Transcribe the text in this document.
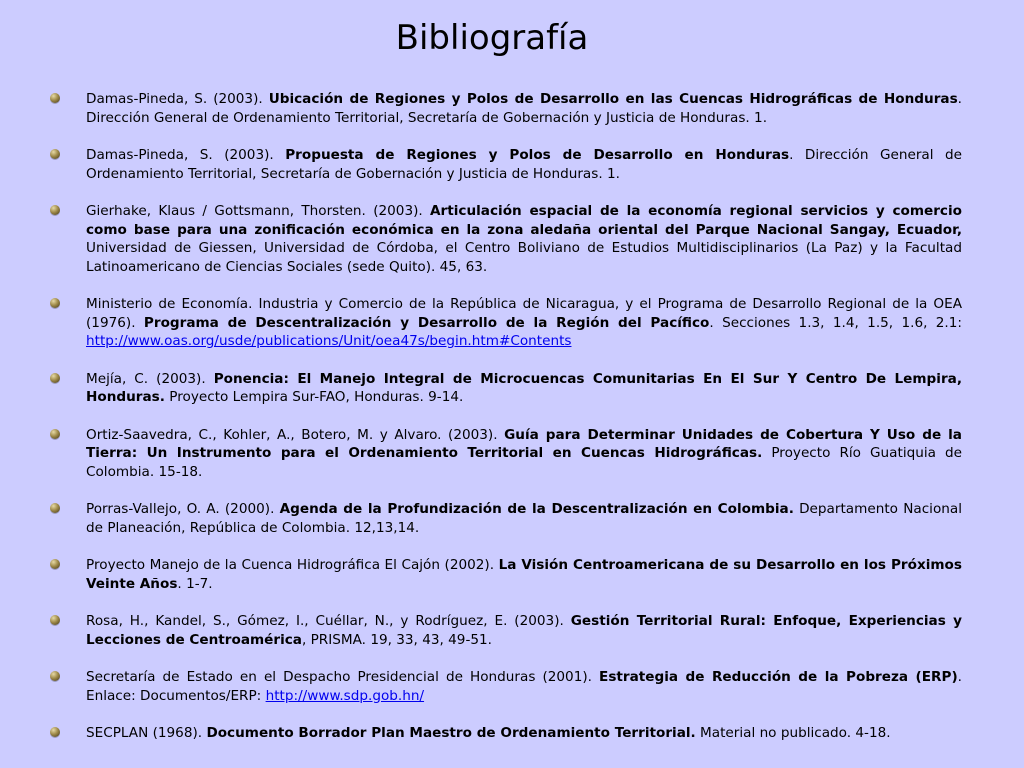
Bibliografía
Damas-Pineda, S. (2003). Ubicación de Regiones y Polos de Desarrollo en las Cuencas Hidrográficas de Honduras. Dirección General de Ordenamiento Territorial, Secretaría de Gobernación y Justicia de Honduras. 1.
Damas-Pineda, S. (2003). Propuesta de Regiones y Polos de Desarrollo en Honduras. Dirección General de Ordenamiento Territorial, Secretaría de Gobernación y Justicia de Honduras. 1.
Gierhake, Klaus / Gottsmann, Thorsten. (2003). Articulación espacial de la economía regional servicios y comercio como base para una zonificación económica en la zona aledaña oriental del Parque Nacional Sangay, Ecuador, Universidad de Giessen, Universidad de Córdoba, el Centro Boliviano de Estudios Multidisciplinarios (La Paz) y la Facultad Latinoamericano de Ciencias Sociales (sede Quito). 45, 63.
Ministerio de Economía. Industria y Comercio de la República de Nicaragua, y el Programa de Desarrollo Regional de la OEA (1976). Programa de Descentralización y Desarrollo de la Región del Pacífico. Secciones 1.3, 1.4, 1.5, 1.6, 2.1: http://www.oas.org/usde/publications/Unit/oea47s/begin.htm#Contents
Mejía, C. (2003). Ponencia: El Manejo Integral de Microcuencas Comunitarias En El Sur Y Centro De Lempira, Honduras. Proyecto Lempira Sur-FAO, Honduras. 9-14.
Ortiz-Saavedra, C., Kohler, A., Botero, M. y Alvaro. (2003). Guía para Determinar Unidades de Cobertura Y Uso de la Tierra: Un Instrumento para el Ordenamiento Territorial en Cuencas Hidrográficas. Proyecto Río Guatiquia de Colombia. 15-18.
Porras-Vallejo, O. A. (2000). Agenda de la Profundización de la Descentralización en Colombia. Departamento Nacional de Planeación, República de Colombia. 12,13,14.
Proyecto Manejo de la Cuenca Hidrográfica El Cajón (2002). La Visión Centroamericana de su Desarrollo en los Próximos Veinte Años. 1-7.
Rosa, H., Kandel, S., Gómez, I., Cuéllar, N., y Rodríguez, E. (2003). Gestión Territorial Rural: Enfoque, Experiencias y Lecciones de Centroamérica, PRISMA. 19, 33, 43, 49-51.
Secretaría de Estado en el Despacho Presidencial de Honduras (2001). Estrategia de Reducción de la Pobreza (ERP). Enlace: Documentos/ERP: http://www.sdp.gob.hn/
SECPLAN (1968). Documento Borrador Plan Maestro de Ordenamiento Territorial. Material no publicado. 4-18.
